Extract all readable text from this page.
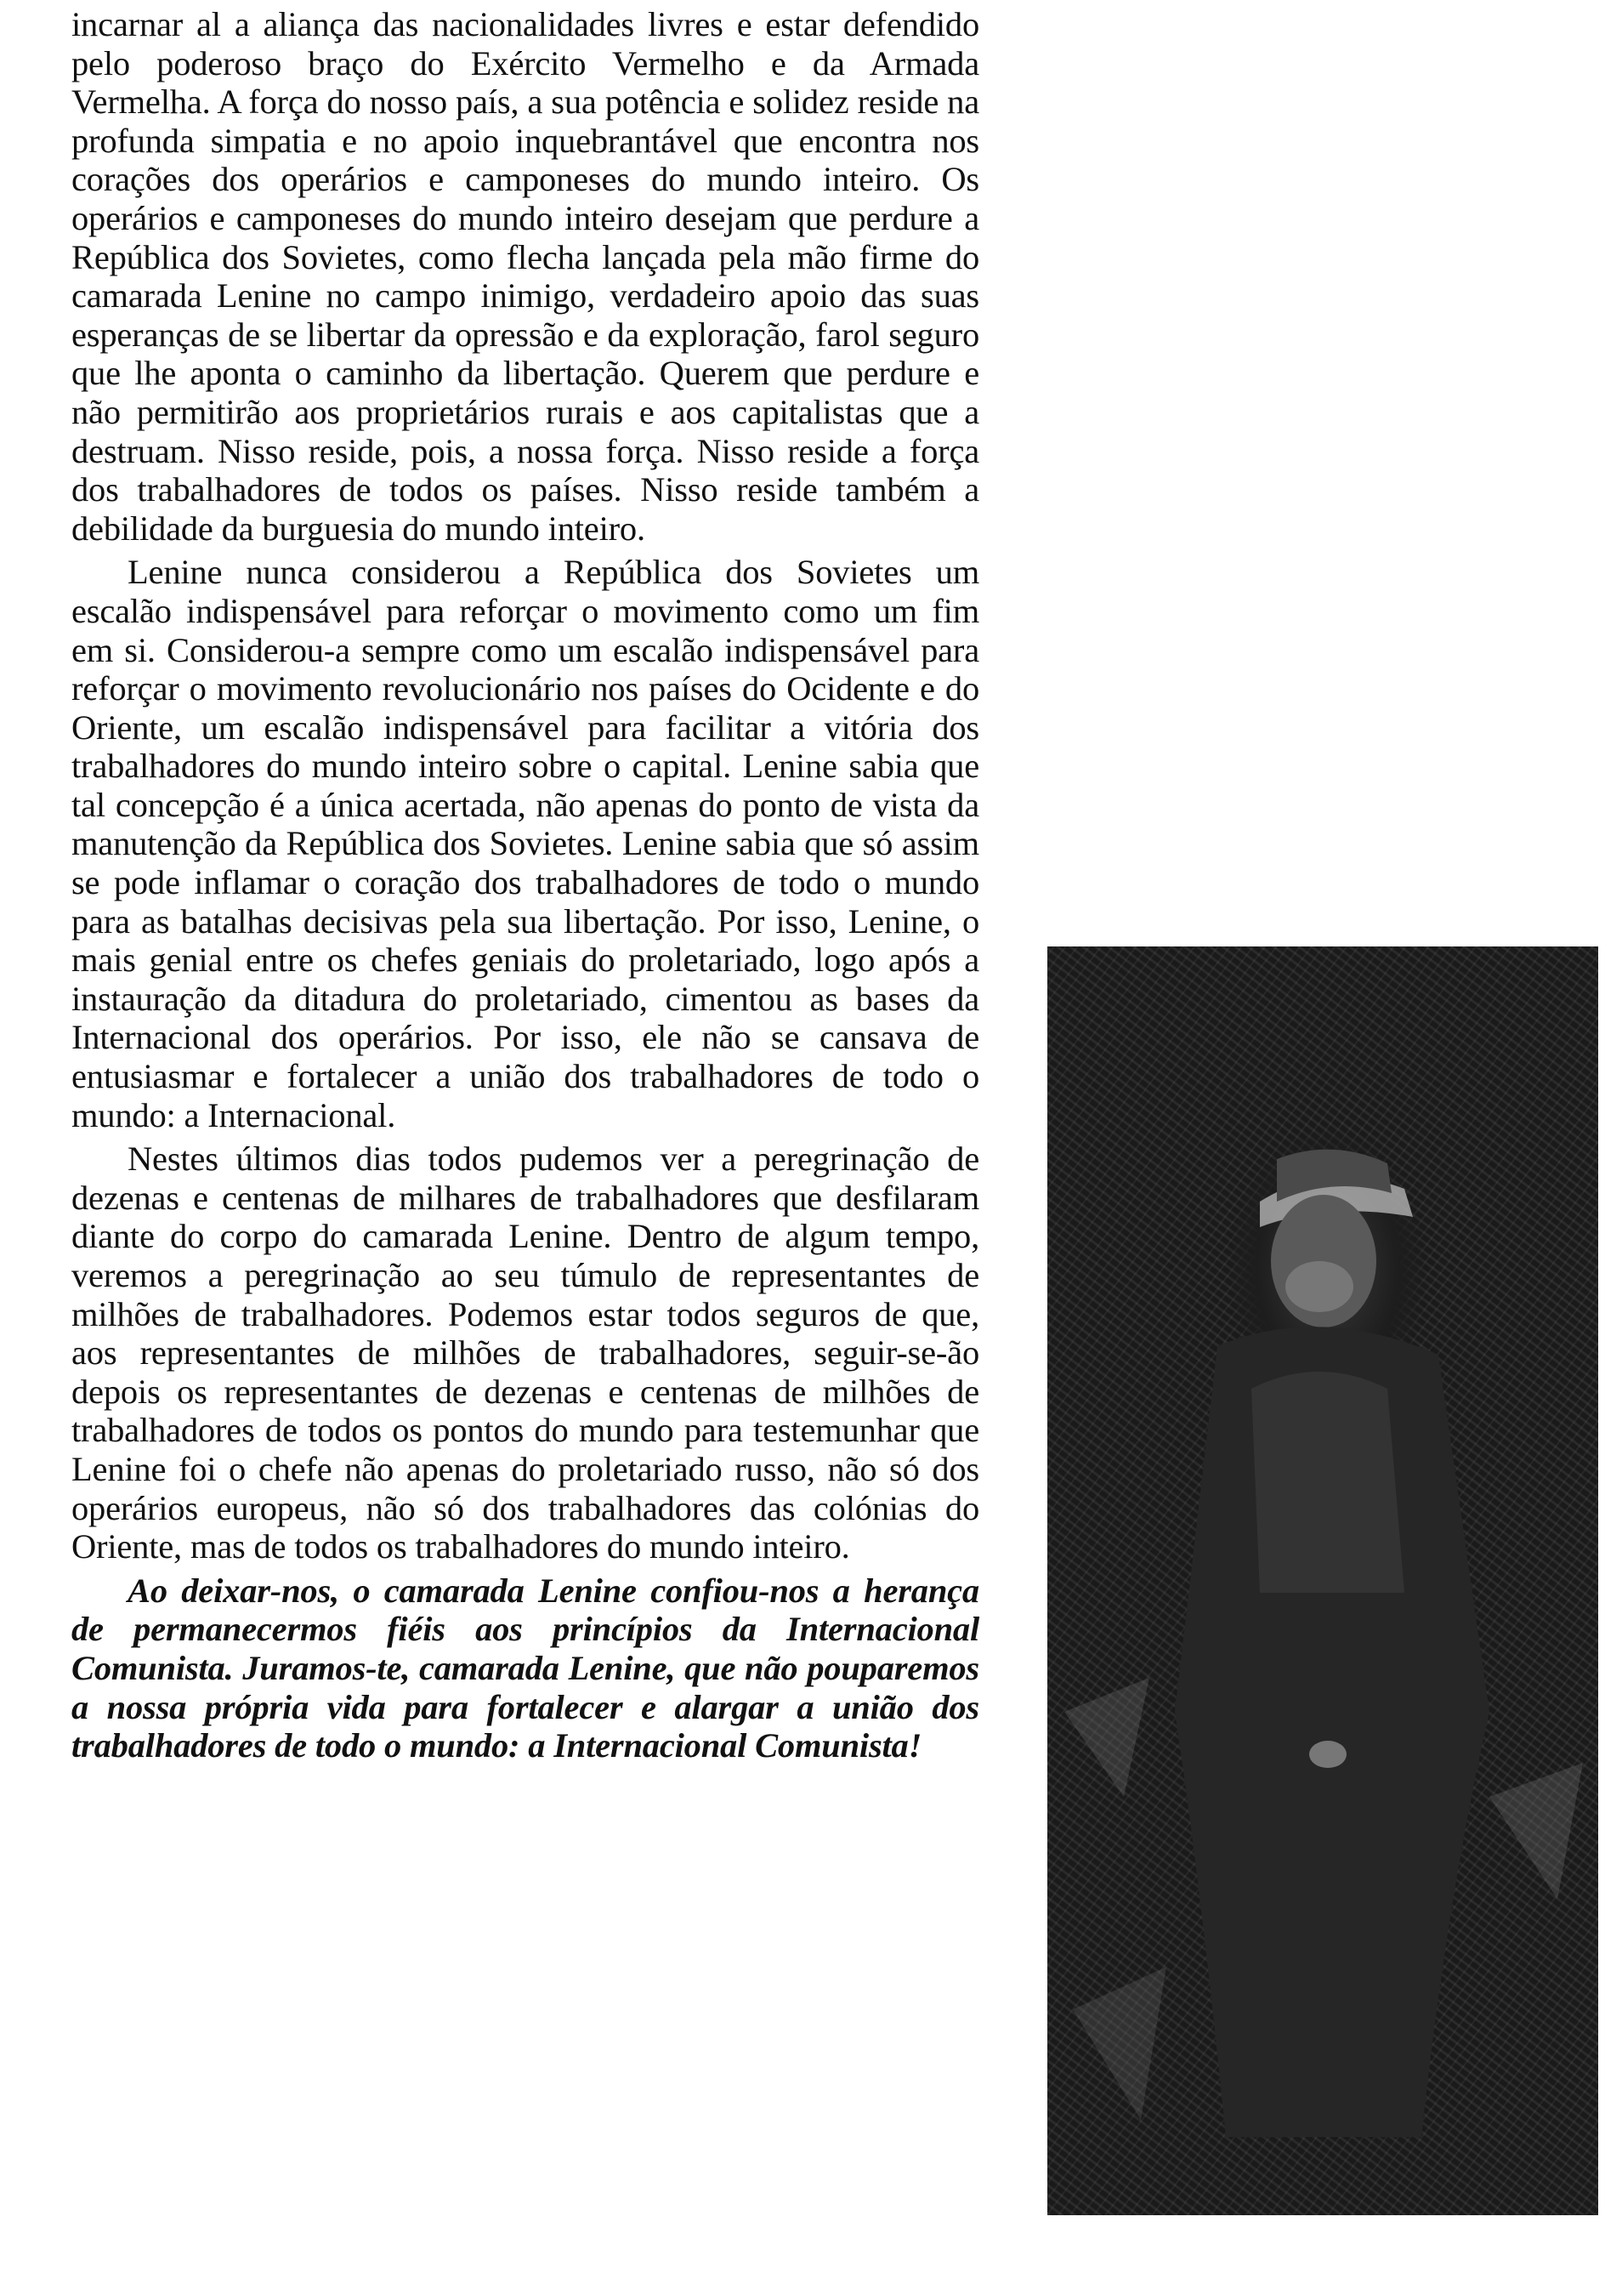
incarnar al a aliança das nacionalidades livres e estar defendido pelo poderoso braço do Exército Vermelho e da Armada Vermelha. A força do nosso país, a sua potência e solidez reside na profunda simpatia e no apoio inquebrantável que encontra nos corações dos operários e camponeses do mundo inteiro. Os operários e camponeses do mundo inteiro desejam que perdure a República dos Sovietes, como flecha lançada pela mão firme do camarada Lenine no campo inimigo, verdadeiro apoio das suas esperanças de se libertar da opressão e da exploração, farol seguro que lhe aponta o caminho da libertação. Querem que perdure e não permitirão aos proprietários rurais e aos capitalistas que a destruam. Nisso reside, pois, a nossa força. Nisso reside a força dos trabalhadores de todos os países. Nisso reside também a debilidade da burguesia do mundo inteiro.

Lenine nunca considerou a República dos Sovietes um escalão indispensável para reforçar o movimento como um fim em si. Considerou-a sempre como um escalão indispensável para reforçar o movimento revolucionário nos países do Ocidente e do Oriente, um escalão indispensável para facilitar a vitória dos trabalhadores do mundo inteiro sobre o capital. Lenine sabia que tal concepção é a única acertada, não apenas do ponto de vista da manutenção da República dos Sovietes. Lenine sabia que só assim se pode inflamar o coração dos trabalhadores de todo o mundo para as batalhas decisivas pela sua libertação. Por isso, Lenine, o mais genial entre os chefes geniais do proletariado, logo após a instauração da ditadura do proletariado, cimentou as bases da Internacional dos operários. Por isso, ele não se cansava de entusiasmar e fortalecer a união dos trabalhadores de todo o mundo: a Internacional.

Nestes últimos dias todos pudemos ver a peregrinação de dezenas e centenas de milhares de trabalhadores que desfilaram diante do corpo do camarada Lenine. Dentro de algum tempo, veremos a peregrinação ao seu túmulo de representantes de milhões de trabalhadores. Podemos estar todos seguros de que, aos representantes de milhões de trabalhadores, seguir-se-ão depois os representantes de dezenas e centenas de milhões de trabalhadores de todos os pontos do mundo para testemunhar que Lenine foi o chefe não apenas do proletariado russo, não só dos operários europeus, não só dos trabalhadores das colónias do Oriente, mas de todos os trabalhadores do mundo inteiro.

Ao deixar-nos, o camarada Lenine confiou-nos a herança de permanecermos fiéis aos princípios da Internacional Comunista. Juramos-te, camarada Lenine, que não pouparemos a nossa própria vida para fortalecer e alargar a união dos trabalhadores de todo o mundo: a Internacional Comunista!
